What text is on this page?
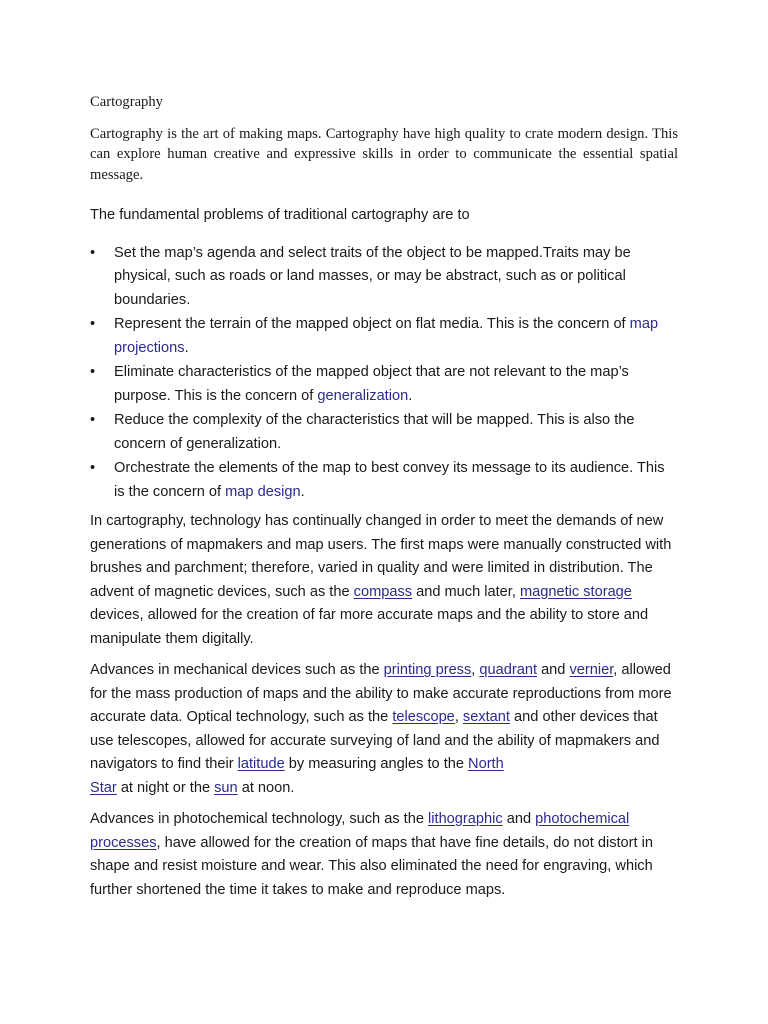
Cartography

Cartography is the art of making maps. Cartography have high quality to crate modern design. This can explore human creative and expressive skills in order to communicate the essential spatial message.

The fundamental problems of traditional cartography are to

• Set the map’s agenda and select traits of the object to be mapped.Traits may be physical, such as roads or land masses, or may be abstract, such as or political boundaries.
• Represent the terrain of the mapped object on flat media. This is the concern of map projections.
• Eliminate characteristics of the mapped object that are not relevant to the map’s purpose. This is the concern of generalization.
• Reduce the complexity of the characteristics that will be mapped. This is also the concern of generalization.
• Orchestrate the elements of the map to best convey its message to its audience. This is the concern of map design.

In cartography, technology has continually changed in order to meet the demands of new generations of mapmakers and map users. The first maps were manually constructed with brushes and parchment; therefore, varied in quality and were limited in distribution. The advent of magnetic devices, such as the compass and much later, magnetic storage devices, allowed for the creation of far more accurate maps and the ability to store and manipulate them digitally.

Advances in mechanical devices such as the printing press, quadrant and vernier, allowed for the mass production of maps and the ability to make accurate reproductions from more accurate data. Optical technology, such as the telescope, sextant and other devices that use telescopes, allowed for accurate surveying of land and the ability of mapmakers and navigators to find their latitude by measuring angles to the North
Star at night or the sun at noon.

Advances in photochemical technology, such as the lithographic and photochemical processes, have allowed for the creation of maps that have fine details, do not distort in shape and resist moisture and wear. This also eliminated the need for engraving, which further shortened the time it takes to make and reproduce maps.
